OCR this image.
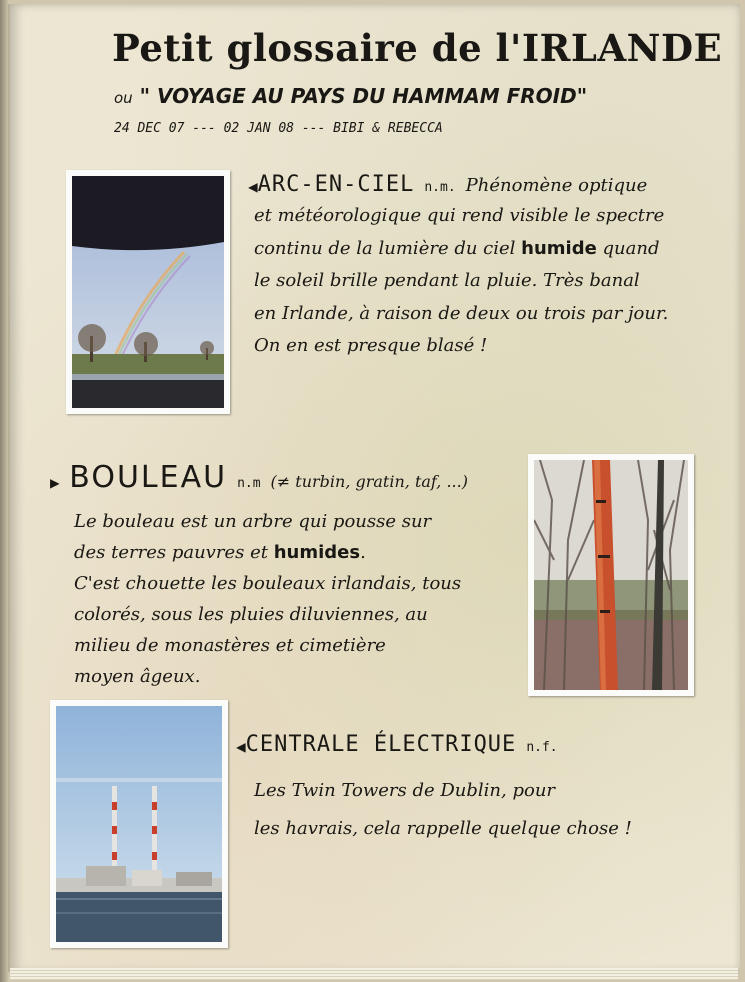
Petit glossaire de l'IRLANDE

ou " VOYAGE AU PAYS DU HAMMAM FROID"

24 DEC 07 --- 02 JAN 08 --- BIBI & REBECCA

◀ARC-EN-CIEL n.m. Phénomène optique
et météorologique qui rend visible le spectre
continu de la lumière du ciel humide quand
le soleil brille pendant la pluie. Très banal
en Irlande, à raison de deux ou trois par jour.
On en est presque blasé !
▶ BOULEAU n.m (≠ turbin, gratin, taf, ...)
Le bouleau est un arbre qui pousse sur
des terres pauvres et humides.
C'est chouette les bouleaux irlandais, tous
colorés, sous les pluies diluviennes, au
milieu de monastères et cimetière
moyen âgeux.
◀CENTRALE ÉLECTRIQUE n.f.
Les Twin Towers de Dublin, pour
les havrais, cela rappelle quelque chose !
